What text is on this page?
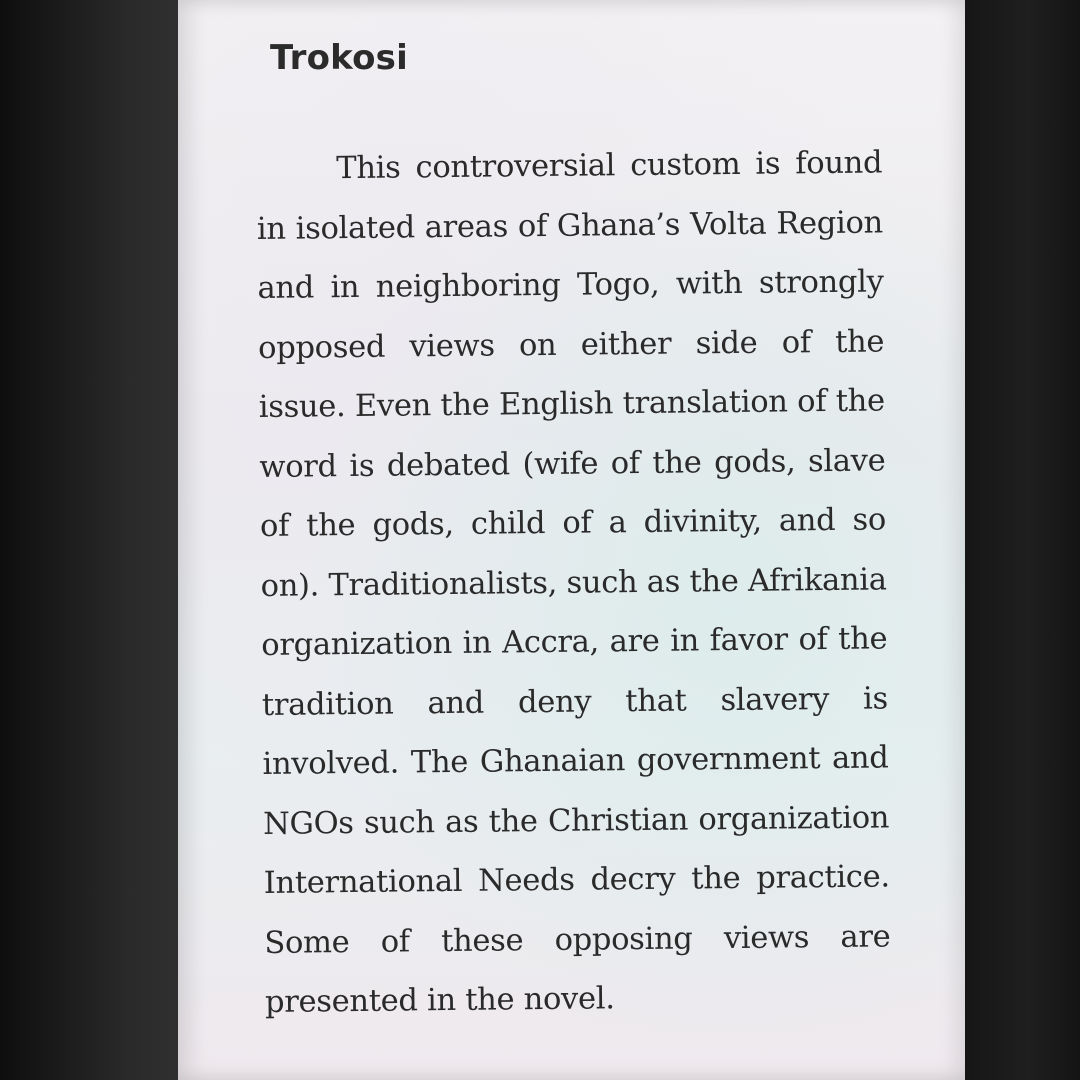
Trokosi

This controversial custom is found in isolated areas of Ghana’s Volta Region and in neighboring Togo, with strongly opposed views on either side of the issue. Even the English translation of the word is debated (wife of the gods, slave of the gods, child of a divinity, and so on). Traditionalists, such as the Afrikania organization in Accra, are in favor of the tradition and deny that slavery is involved. The Ghanaian government and NGOs such as the Christian organization International Needs decry the practice. Some of these opposing views are presented in the novel.
